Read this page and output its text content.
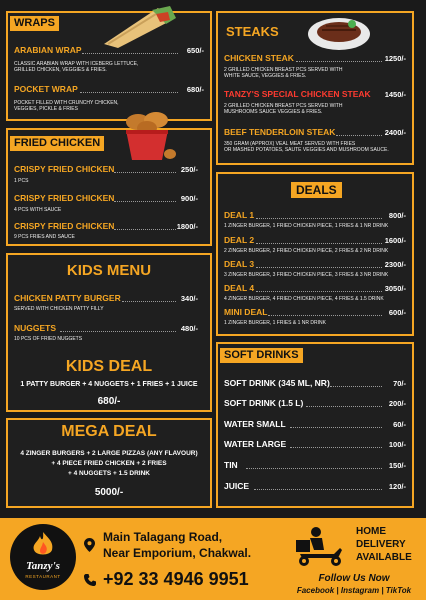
WRAPS
ARABIAN WRAP	650/-
CLASSIC ARABIAN WRAP WITH ICEBERG LETTUCE,
GRILLED CHICKEN, VEGGIES & FRIES.
POCKET WRAP	680/-
POCKET FILLED WITH CRUNCHY CHICKEN,
VEGGIES, PICKLE & FRIES
FRIED CHICKEN
CRISPY FRIED CHICKEN	250/-
1 PCS
CRISPY FRIED CHICKEN	900/-
4 PCS WITH SAUCE
CRISPY FRIED CHICKEN	1800/-
9 PCS FRIES AND SAUCE
KIDS MENU
CHICKEN PATTY BURGER	340/-
SERVED WITH CHICKEN PATTY FILLY
NUGGETS	480/-
10 PCS OF FRIED NUGGETS
KIDS DEAL
1 PATTY BURGER + 4 NUGGETS + 1 FRIES + 1 JUICE
680/-
MEGA DEAL
4 ZINGER BURGERS + 2 LARGE PIZZAS (ANY FLAVOUR)
+ 4 PIECE FRIED CHICKEN + 2 FRIES
+ 4 NUGGETS + 1.5 DRINK
5000/-
STEAKS
CHICKEN STEAK	1250/-
2 GRILLED CHICKEN BREAST PCS SERVED WITH
WHITE SAUCE, VEGGIES & FRIES.
TANZY'S SPECIAL CHICKEN STEAK	1450/-
2 GRILLED CHICKEN BREAST PCS SERVED WITH
MUSHROOMS SAUCE VEGGIES & FRIES.
BEEF TENDERLOIN STEAK	2400/-
350 GRAM (APPROX) VEAL MEAT SERVED WITH FRIES
OR MASHED POTATOES, SAUTE VEGGIES AND MUSHROOM SAUCE.
DEALS
DEAL 1	800/-
1 ZINGER BURGER, 1 FRIED CHICKEN PIECE, 1 FRIES & 1 NR DRINK
DEAL 2	1600/-
2 ZINGER BURGER, 2 FRIED CHICKEN PIECE, 2 FRIES & 2 NR DRINK
DEAL 3	2300/-
3 ZINGER BURGER, 3 FRIED CHICKEN PIECE, 3 FRIES & 3 NR DRINK
DEAL 4	3050/-
4 ZINGER BURGER, 4 FRIED CHICKEN PIECE, 4 FRIES & 1.5 DRINK
MINI DEAL	600/-
1 ZINGER BURGER, 1 FRIES & 1 NR DRINK
SOFT DRINKS
SOFT DRINK (345 ML, NR)	70/-
SOFT DRINK (1.5 L)	200/-
WATER SMALL	60/-
WATER LARGE	100/-
TIN	150/-
JUICE	120/-
Tanzy's
RESTAURANT
Main Talagang Road,
Near Emporium, Chakwal.
+92 33 4946 9951
HOME
DELIVERY
AVAILABLE
Follow Us Now
Facebook | Instagram | TikTok
